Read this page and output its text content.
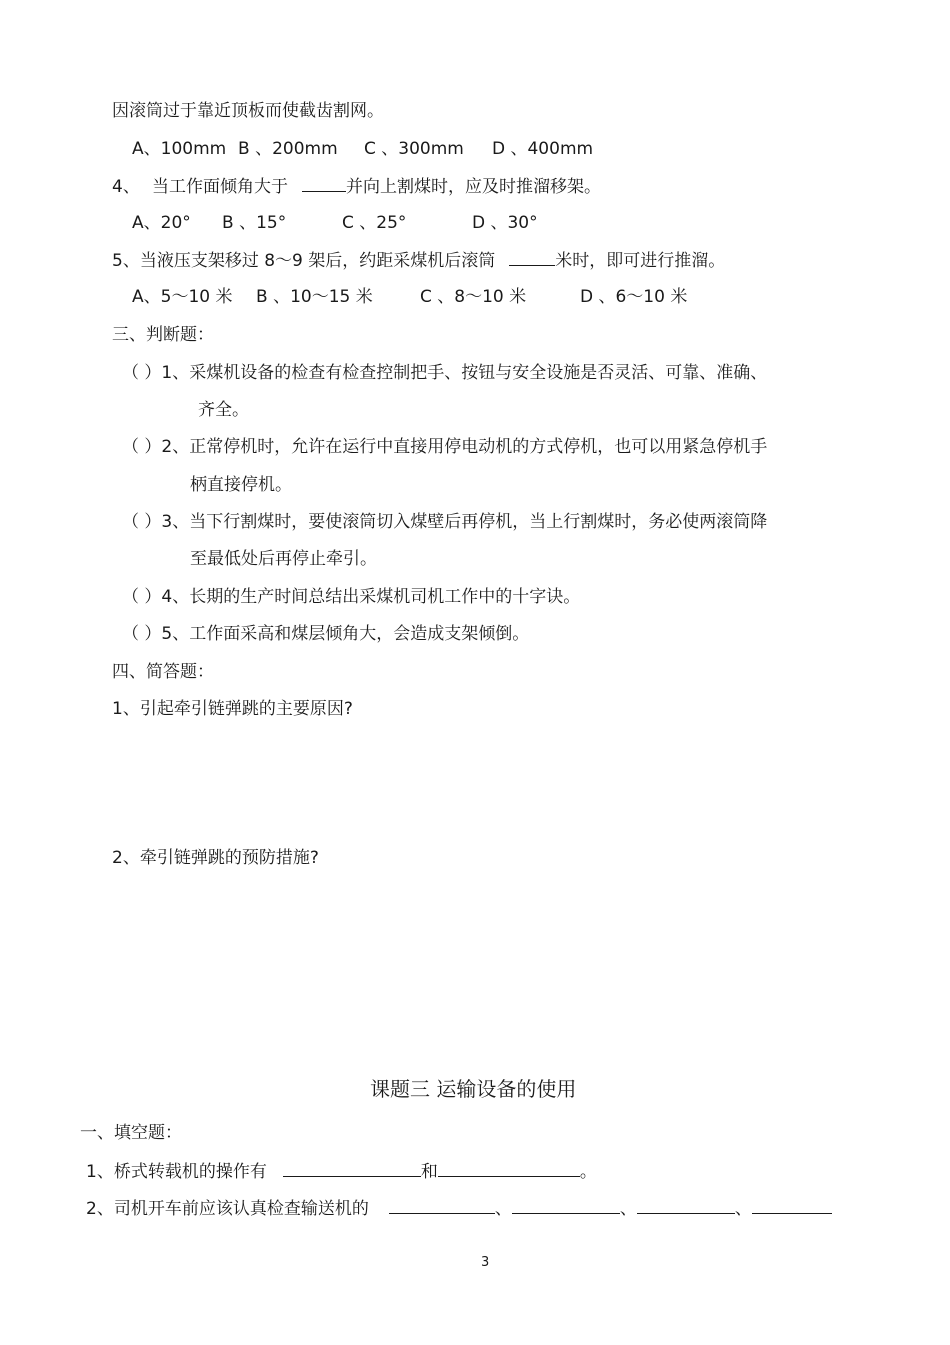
因滚筒过于靠近顶板而使截齿割网。
A、100mm B 、200mm C 、300mm D 、400mm
4、 当工作面倾角大于	并向上割煤时，应及时推溜移架。
A、20° B 、15°	C 、25°	D 、30°
5、当液压支架移过 8～9 架后，约距采煤机后滚筒	米时，即可进行推溜。
A、5～10 米 B 、10～15 米	C 、8～10 米	D 、6～10 米
三、判断题：
（ ）1、采煤机设备的检查有检查控制把手、按钮与安全设施是否灵活、可靠、准确、
齐全。
（ ）2、正常停机时，允许在运行中直接用停电动机的方式停机，也可以用紧急停机手
柄直接停机。
（ ）3、当下行割煤时，要使滚筒切入煤壁后再停机，当上行割煤时，务必使两滚筒降
至最低处后再停止牵引。
（ ）4、长期的生产时间总结出采煤机司机工作中的十字诀。
（ ）5、工作面采高和煤层倾角大，会造成支架倾倒。
四、简答题：
1、引起牵引链弹跳的主要原因?
2、牵引链弹跳的预防措施?
课题三 运输设备的使用
一、填空题：
1、桥式转载机的操作有	和	。
2、司机开车前应该认真检查输送机的	、	、	、
3
